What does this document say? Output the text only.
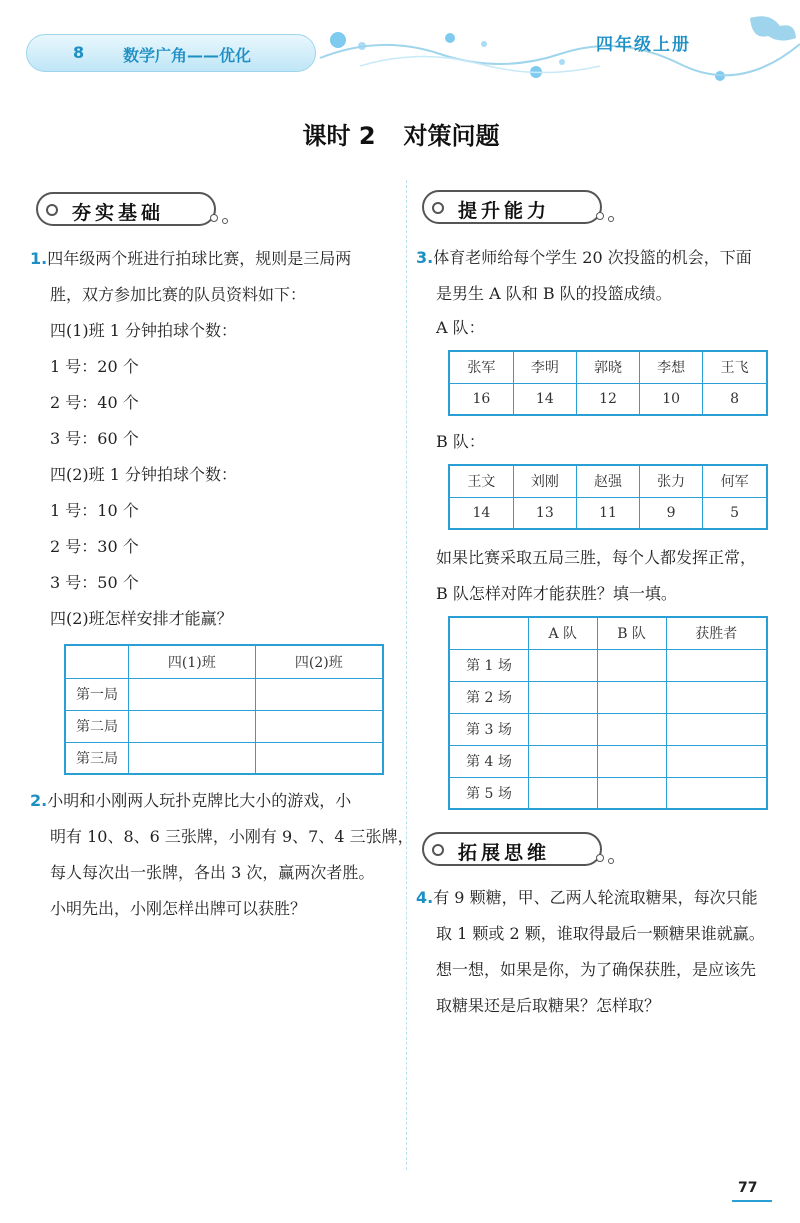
8 数学广角——优化
四年级上册
课时 2 对策问题
夯实基础
1.四年级两个班进行拍球比赛，规则是三局两
胜，双方参加比赛的队员资料如下：
四(1)班 1 分钟拍球个数：
1 号：20 个
2 号：40 个
3 号：60 个
四(2)班 1 分钟拍球个数：
1 号：10 个
2 号：30 个
3 号：50 个
四(2)班怎样安排才能赢？
	四(1)班	四(2)班
第一局		
第二局		
第三局		
2.小明和小刚两人玩扑克牌比大小的游戏，小
明有 10、8、6 三张牌，小刚有 9、7、4 三张牌，
每人每次出一张牌，各出 3 次，赢两次者胜。
小明先出，小刚怎样出牌可以获胜？
提升能力
3.体育老师给每个学生 20 次投篮的机会，下面
是男生 A 队和 B 队的投篮成绩。
A 队：
张军	李明	郭晓	李想	王飞
16	14	12	10	8
B 队：
王文	刘刚	赵强	张力	何军
14	13	11	9	5
如果比赛采取五局三胜，每个人都发挥正常，
B 队怎样对阵才能获胜？填一填。
	A 队	B 队	获胜者
第 1 场			
第 2 场			
第 3 场			
第 4 场			
第 5 场			
拓展思维
4.有 9 颗糖，甲、乙两人轮流取糖果，每次只能
取 1 颗或 2 颗，谁取得最后一颗糖果谁就赢。
想一想，如果是你，为了确保获胜，是应该先
取糖果还是后取糖果？怎样取？
77
